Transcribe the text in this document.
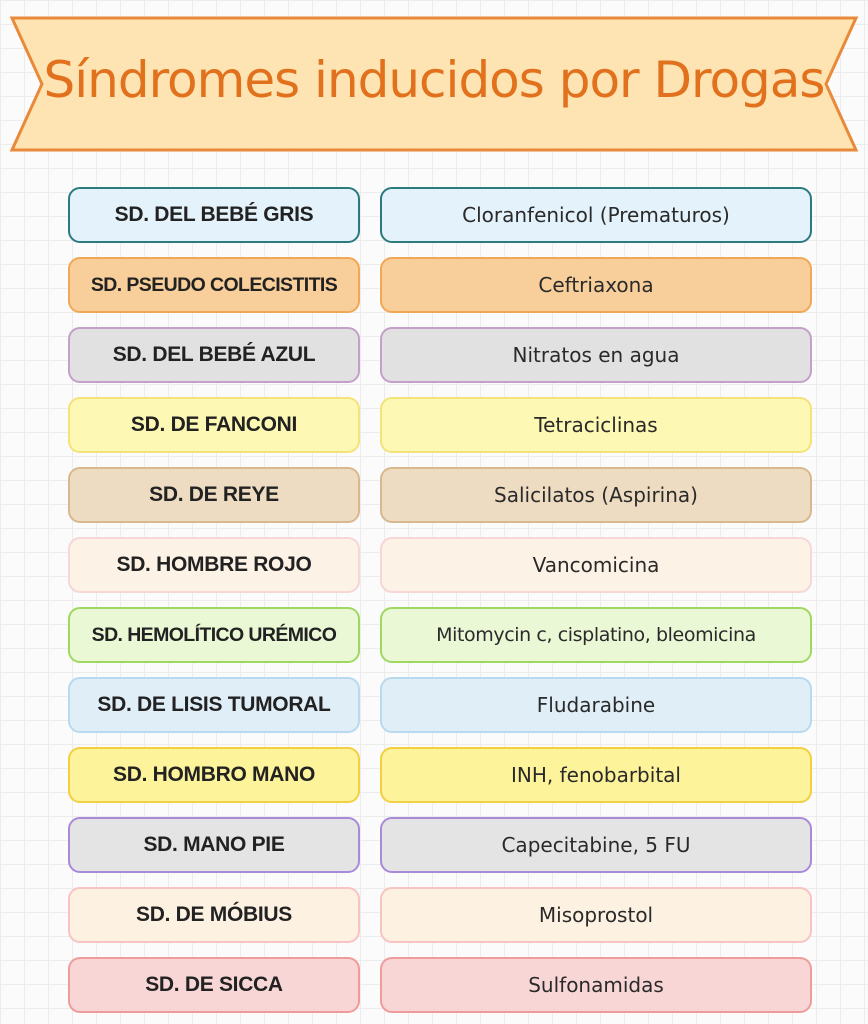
Síndromes inducidos por Drogas
SD. DEL BEBÉ GRIS	Cloranfenicol (Prematuros)
SD. PSEUDO COLECISTITIS	Ceftriaxona
SD. DEL BEBÉ AZUL	Nitratos en agua
SD. DE FANCONI	Tetraciclinas
SD. DE REYE	Salicilatos (Aspirina)
SD. HOMBRE ROJO	Vancomicina
SD. HEMOLÍTICO URÉMICO	Mitomycin c, cisplatino, bleomicina
SD. DE LISIS TUMORAL	Fludarabine
SD. HOMBRO MANO	INH, fenobarbital
SD. MANO PIE	Capecitabine, 5 FU
SD. DE MÓBIUS	Misoprostol
SD. DE SICCA	Sulfonamidas
